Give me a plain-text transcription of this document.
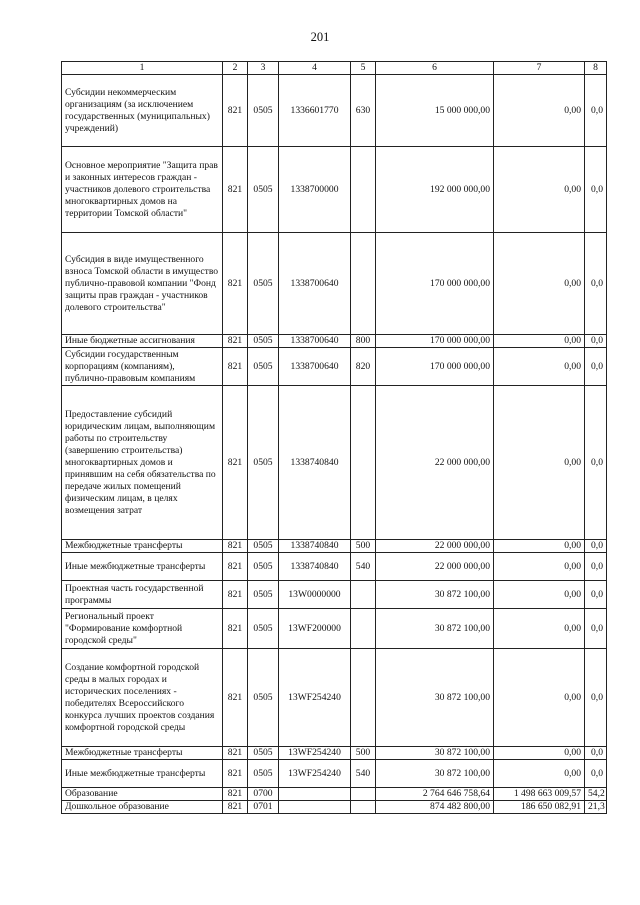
201
1	2	3	4	5	6	7	8
Субсидии некоммерческим организациям (за исключением государственных (муниципальных) учреждений)	821	0505	1336601770	630	15 000 000,00	0,00	0,0
Основное мероприятие "Защита прав и законных интересов граждан - участников долевого строительства многоквартирных домов на территории Томской области"	821	0505	1338700000		192 000 000,00	0,00	0,0
Субсидия в виде имущественного взноса Томской области в имущество публично-правовой компании "Фонд защиты прав граждан - участников долевого строительства"	821	0505	1338700640		170 000 000,00	0,00	0,0
Иные бюджетные ассигнования	821	0505	1338700640	800	170 000 000,00	0,00	0,0
Субсидии государственным корпорациям (компаниям), публично-правовым компаниям	821	0505	1338700640	820	170 000 000,00	0,00	0,0
Предоставление субсидий юридическим лицам, выполняющим работы по строительству (завершению строительства) многоквартирных домов и принявшим на себя обязательства по передаче жилых помещений физическим лицам, в целях возмещения затрат	821	0505	1338740840		22 000 000,00	0,00	0,0
Межбюджетные трансферты	821	0505	1338740840	500	22 000 000,00	0,00	0,0
Иные межбюджетные трансферты	821	0505	1338740840	540	22 000 000,00	0,00	0,0
Проектная часть государственной программы	821	0505	13W0000000		30 872 100,00	0,00	0,0
Региональный проект "Формирование комфортной городской среды"	821	0505	13WF200000		30 872 100,00	0,00	0,0
Создание комфортной городской среды в малых городах и исторических поселениях - победителях Всероссийского конкурса лучших проектов создания комфортной городской среды	821	0505	13WF254240		30 872 100,00	0,00	0,0
Межбюджетные трансферты	821	0505	13WF254240	500	30 872 100,00	0,00	0,0
Иные межбюджетные трансферты	821	0505	13WF254240	540	30 872 100,00	0,00	0,0
Образование	821	0700			2 764 646 758,64	1 498 663 009,57	54,2
Дошкольное образование	821	0701			874 482 800,00	186 650 082,91	21,3
